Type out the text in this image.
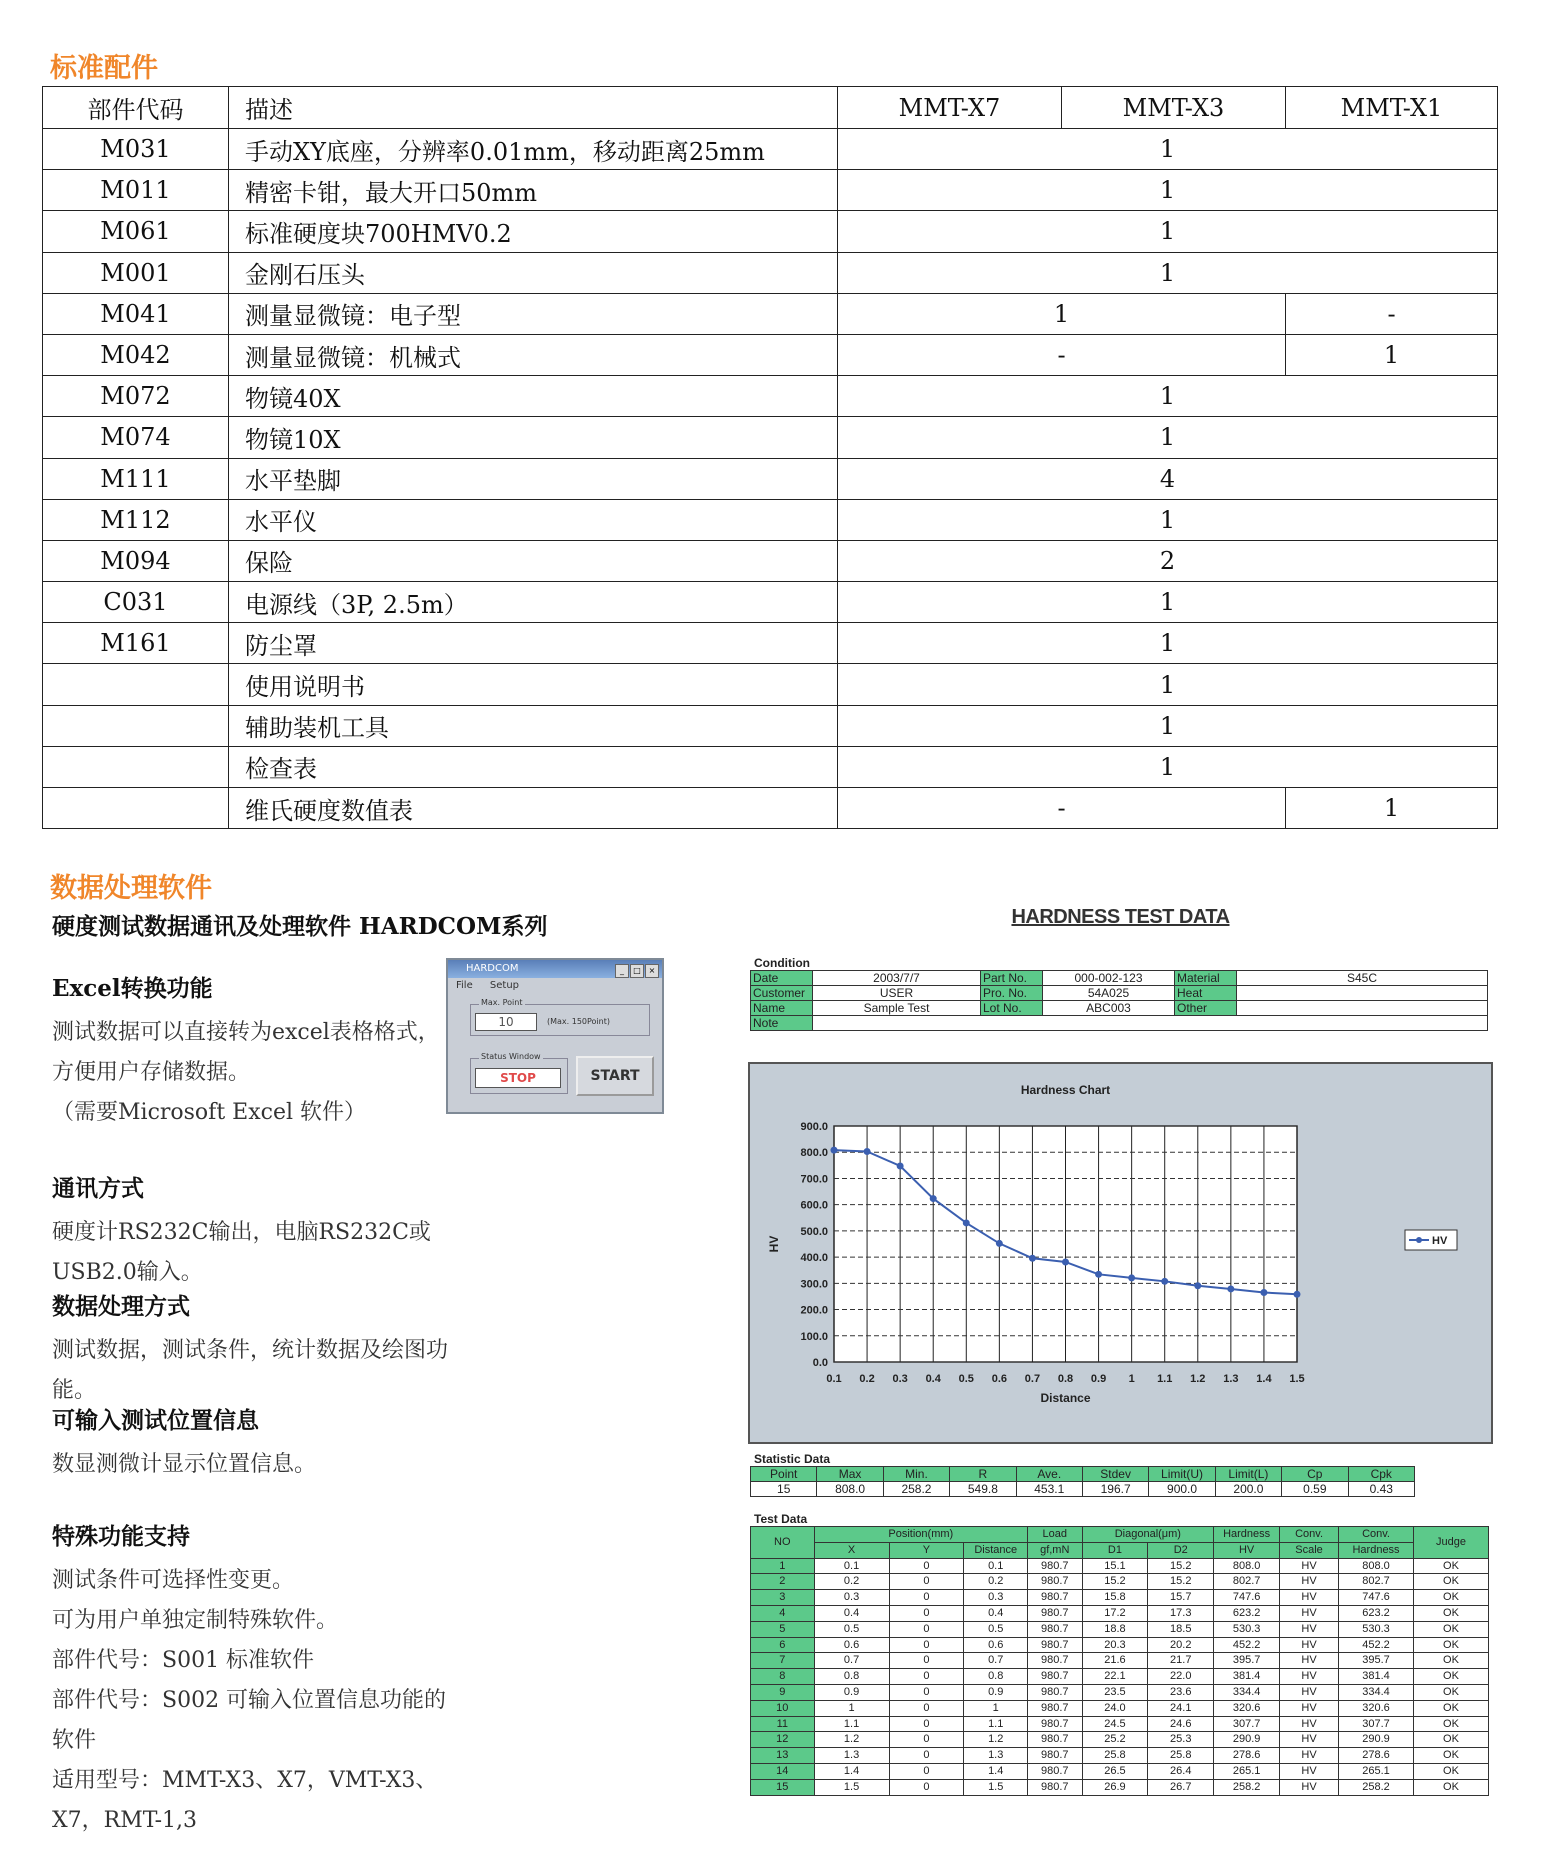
标准配件
部件代码	描述	MMT-X7	MMT-X3	MMT-X1
M031	手动XY底座，分辨率0.01mm，移动距离25mm	1		
M011	精密卡钳，最大开口50mm	1		
M061	标准硬度块700HMV0.2	1		
M001	金刚石压头	1		
M041	测量显微镜：电子型	1		-
M042	测量显微镜：机械式	-		1
M072	物镜40X	1		
M074	物镜10X	1		
M111	水平垫脚	4		
M112	水平仪	1		
M094	保险	2		
C031	电源线（3P, 2.5m）	1		
M161	防尘罩	1		
	使用说明书	1		
	辅助装机工具	1		
	检查表	1		
	维氏硬度数值表	-		1
数据处理软件
硬度测试数据通讯及处理软件 HARDCOM系列
Excel转换功能

测试数据可以直接转为excel表格格式，方便用户存储数据。

（需要Microsoft Excel 软件）

通讯方式

硬度计RS232C输出，电脑RS232C或USB2.0输入。

数据处理方式

测试数据，测试条件，统计数据及绘图功能。

可输入测试位置信息

数显测微计显示位置信息。

特殊功能支持

测试条件可选择性变更。

可为用户单独定制特殊软件。

部件代号：S001 标准软件

部件代号：S002 可输入位置信息功能的软件

适用型号：MMT-X3、X7，VMT-X3、X7，RMT-1,3

HARDCOM	_ □ ×
File Setup
Max. Point
10	(Max. 150Point)
Status Window
STOP	START
HARDNESS TEST DATA
Condition
Date	2003/7/7	Part No.	000-002-123	Material	S45C
Customer	USER	Pro. No.	54A025	Heat	
Name	Sample Test	Lot No.	ABC003	Other	
Note					
Hardness Chart
0.1 0.2 0.3 0.4 0.5 0.6 0.7 0.8 0.9 1 1.1 1.2 1.3 1.4 1.5
900.0
800.0
700.0
600.0
500.0
400.0
300.0
200.0
100.0
0.0
Distance
HV	HV
Statistic Data
Point	Max	Min.	R	Ave.	Stdev	Limit(U)	Limit(L)	Cp	Cpk
15	808.0	258.2	549.8	453.1	196.7	900.0	200.0	0.59	0.43
Test Data
NO	Position(mm)			Load	Diagonal(μm)		Hardness	Conv.	Conv.	Judge
	X	Y	Distance	gf,mN	D1	D2	HV	Scale	Hardness	
1	0.1	0	0.1	980.7	15.1	15.2	808.0	HV	808.0	OK
2	0.2	0	0.2	980.7	15.2	15.2	802.7	HV	802.7	OK
3	0.3	0	0.3	980.7	15.8	15.7	747.6	HV	747.6	OK
4	0.4	0	0.4	980.7	17.2	17.3	623.2	HV	623.2	OK
5	0.5	0	0.5	980.7	18.8	18.5	530.3	HV	530.3	OK
6	0.6	0	0.6	980.7	20.3	20.2	452.2	HV	452.2	OK
7	0.7	0	0.7	980.7	21.6	21.7	395.7	HV	395.7	OK
8	0.8	0	0.8	980.7	22.1	22.0	381.4	HV	381.4	OK
9	0.9	0	0.9	980.7	23.5	23.6	334.4	HV	334.4	OK
10	1	0	1	980.7	24.0	24.1	320.6	HV	320.6	OK
11	1.1	0	1.1	980.7	24.5	24.6	307.7	HV	307.7	OK
12	1.2	0	1.2	980.7	25.2	25.3	290.9	HV	290.9	OK
13	1.3	0	1.3	980.7	25.8	25.8	278.6	HV	278.6	OK
14	1.4	0	1.4	980.7	26.5	26.4	265.1	HV	265.1	OK
15	1.5	0	1.5	980.7	26.9	26.7	258.2	HV	258.2	OK
